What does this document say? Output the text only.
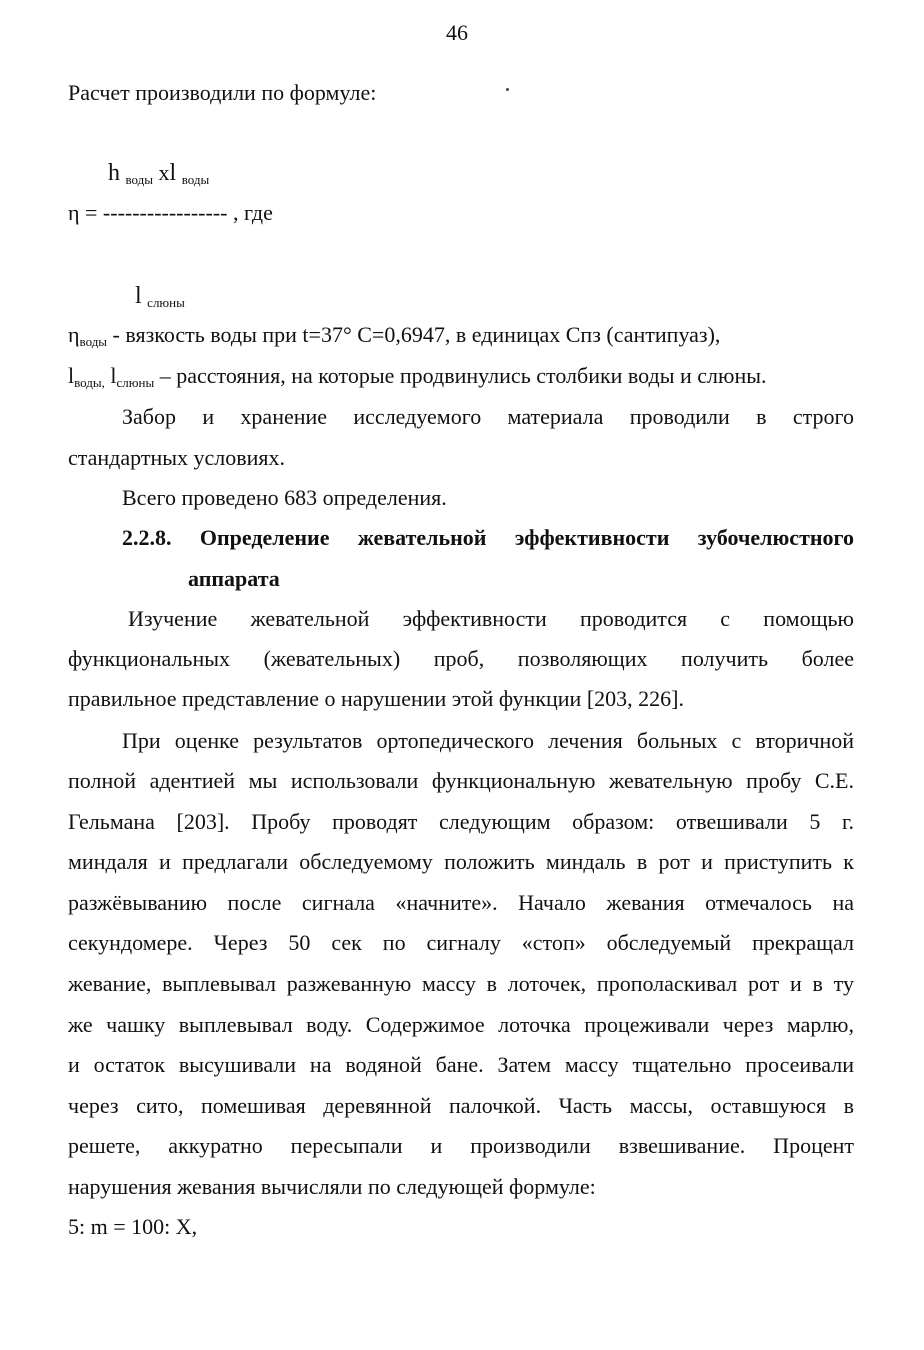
46
Расчет производили по формуле:
h $_{воды}$ xl $_{воды}$
η = ----------------- , где
l $_{слюны}$
$\eta_{воды}$ - вязкость воды при t=37° С=0,6947, в единицах Спз (сантипуаз),
$l_{воды,}$ $l_{слюны}$ – расстояния, на которые продвинулись столбики воды и слюны.
Забор и хранение исследуемого материала проводили в строго
стандартных условиях.
Всего проведено 683 определения.
2.2.8. Определение жевательной эффективности зубочелюстного
аппарата
Изучение жевательной эффективности проводится с помощью
функциональных (жевательных) проб, позволяющих получить более
правильное представление о нарушении этой функции [203, 226].
При оценке результатов ортопедического лечения больных с вторичной
полной адентией мы использовали функциональную жевательную пробу С.Е.
Гельмана [203]. Пробу проводят следующим образом: отвешивали 5 г.
миндаля и предлагали обследуемому положить миндаль в рот и приступить к
разжёвыванию после сигнала «начните». Начало жевания отмечалось на
секундомере. Через 50 сек по сигналу «стоп» обследуемый прекращал
жевание, выплевывал разжеванную массу в лоточек, прополаскивал рот и в ту
же чашку выплевывал воду. Содержимое лоточка процеживали через марлю,
и остаток высушивали на водяной бане. Затем массу тщательно просеивали
через сито, помешивая деревянной палочкой. Часть массы, оставшуюся в
решете, аккуратно пересыпали и производили взвешивание. Процент
нарушения жевания вычисляли по следующей формуле:
5: m = 100: X,
